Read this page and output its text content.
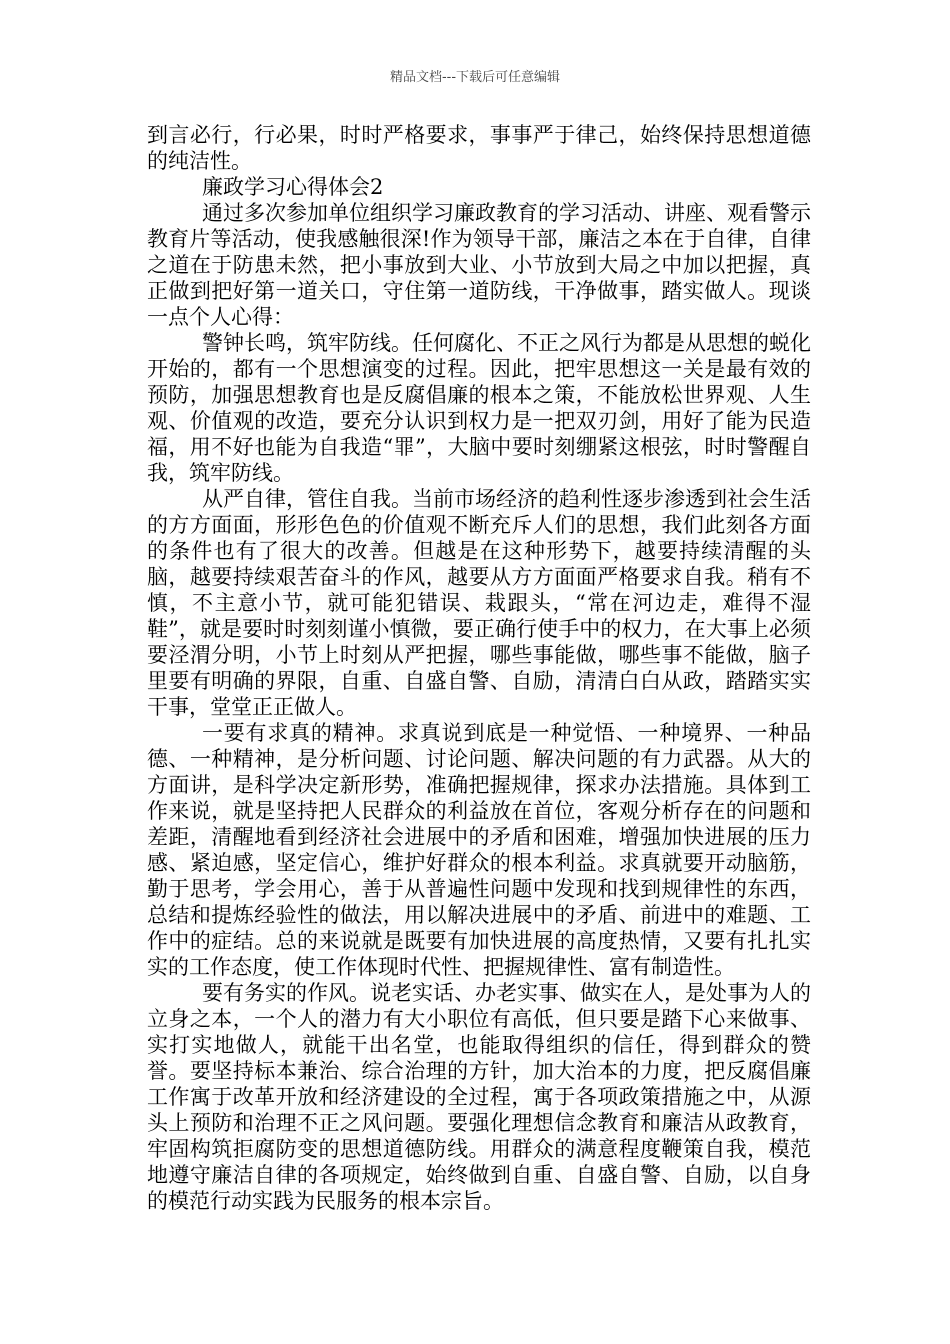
精品文档---下载后可任意编辑

到言必行，行必果，时时严格要求，事事严于律己，始终保持思想道德的纯洁性。

廉政学习心得体会2

通过多次参加单位组织学习廉政教育的学习活动、讲座、观看警示教育片等活动，使我感触很深!作为领导干部，廉洁之本在于自律，自律之道在于防患未然，把小事放到大业、小节放到大局之中加以把握，真正做到把好第一道关口，守住第一道防线，干净做事，踏实做人。现谈一点个人心得：

警钟长鸣，筑牢防线。任何腐化、不正之风行为都是从思想的蜕化开始的，都有一个思想演变的过程。因此，把牢思想这一关是最有效的预防，加强思想教育也是反腐倡廉的根本之策，不能放松世界观、人生观、价值观的改造，要充分认识到权力是一把双刃剑，用好了能为民造福，用不好也能为自我造“罪”，大脑中要时刻绷紧这根弦，时时警醒自我，筑牢防线。

从严自律，管住自我。当前市场经济的趋利性逐步渗透到社会生活的方方面面，形形色色的价值观不断充斥人们的思想，我们此刻各方面的条件也有了很大的改善。但越是在这种形势下，越要持续清醒的头脑，越要持续艰苦奋斗的作风，越要从方方面面严格要求自我。稍有不慎，不主意小节，就可能犯错误、栽跟头，“常在河边走，难得不湿鞋”，就是要时时刻刻谨小慎微，要正确行使手中的权力，在大事上必须要泾渭分明，小节上时刻从严把握，哪些事能做，哪些事不能做，脑子里要有明确的界限，自重、自盛自警、自励，清清白白从政，踏踏实实干事，堂堂正正做人。

一要有求真的精神。求真说到底是一种觉悟、一种境界、一种品德、一种精神，是分析问题、讨论问题、解决问题的有力武器。从大的方面讲，是科学决定新形势，准确把握规律，探求办法措施。具体到工作来说，就是坚持把人民群众的利益放在首位，客观分析存在的问题和差距，清醒地看到经济社会进展中的矛盾和困难，增强加快进展的压力感、紧迫感，坚定信心，维护好群众的根本利益。求真就要开动脑筋，勤于思考，学会用心，善于从普遍性问题中发现和找到规律性的东西，总结和提炼经验性的做法，用以解决进展中的矛盾、前进中的难题、工作中的症结。总的来说就是既要有加快进展的高度热情，又要有扎扎实实的工作态度，使工作体现时代性、把握规律性、富有制造性。

要有务实的作风。说老实话、办老实事、做实在人，是处事为人的立身之本，一个人的潜力有大小职位有高低，但只要是踏下心来做事、实打实地做人，就能干出名堂，也能取得组织的信任，得到群众的赞誉。要坚持标本兼治、综合治理的方针，加大治本的力度，把反腐倡廉工作寓于改革开放和经济建设的全过程，寓于各项政策措施之中，从源头上预防和治理不正之风问题。要强化理想信念教育和廉洁从政教育，牢固构筑拒腐防变的思想道德防线。用群众的满意程度鞭策自我，模范地遵守廉洁自律的各项规定，始终做到自重、自盛自警、自励，以自身的模范行动实践为民服务的根本宗旨。
